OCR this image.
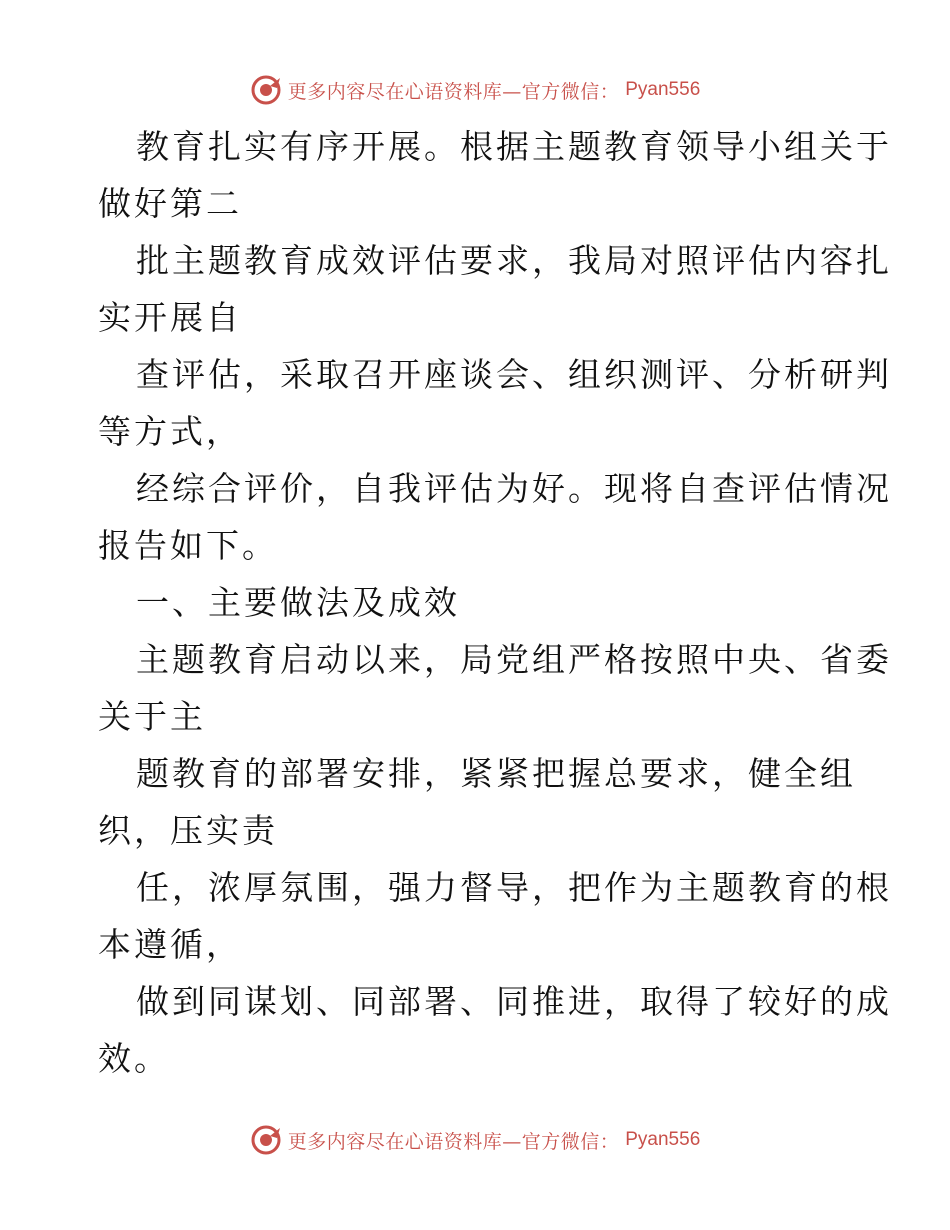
更多内容尽在心语资料库—官方微信： Pyan556

教育扎实有序开展。根据主题教育领导小组关于做好第二

批主题教育成效评估要求，我局对照评估内容扎实开展自

查评估，采取召开座谈会、组织测评、分析研判等方式，

经综合评价，自我评估为好。现将自查评估情况报告如下。

一、主要做法及成效

主题教育启动以来，局党组严格按照中央、省委关于主

题教育的部署安排，紧紧把握总要求，健全组织，压实责

任，浓厚氛围，强力督导，把作为主题教育的根本遵循，

做到同谋划、同部署、同推进，取得了较好的成效。

更多内容尽在心语资料库—官方微信： Pyan556
